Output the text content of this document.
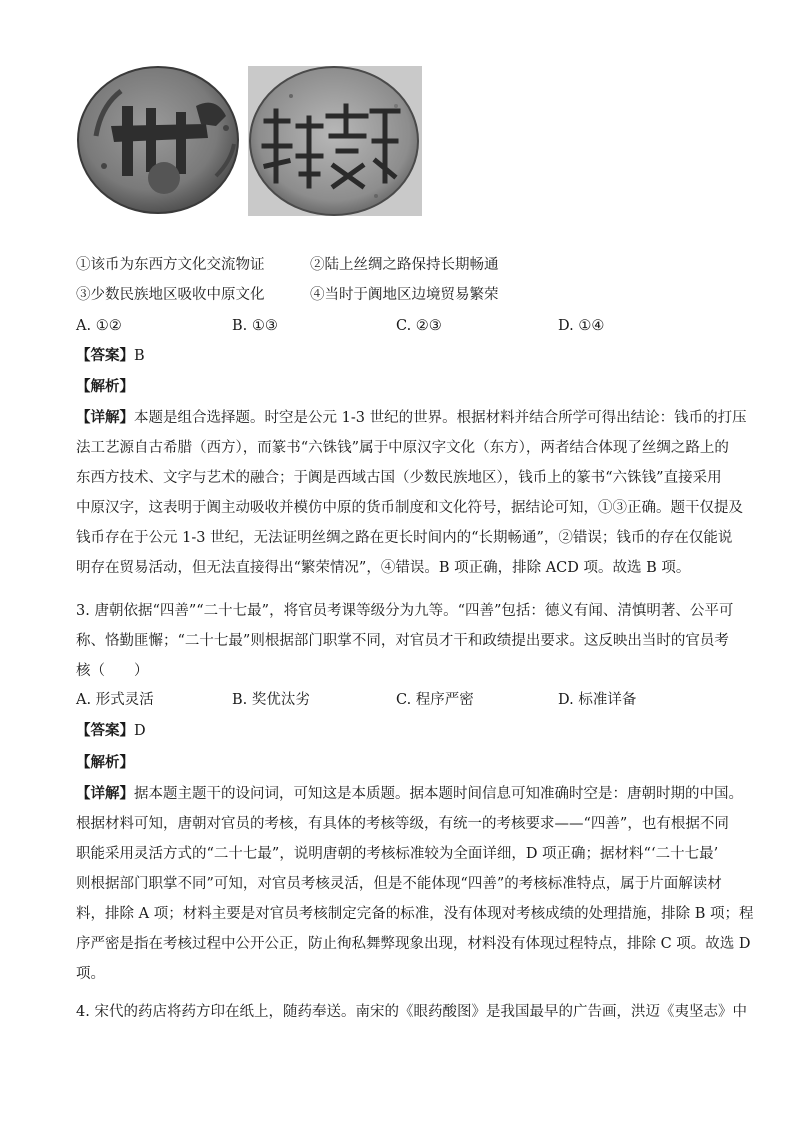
①该币为东西方文化交流物证	②陆上丝绸之路保持长期畅通
③少数民族地区吸收中原文化	④当时于阗地区边境贸易繁荣
A. ①②	B. ①③	C. ②③	D. ①④
【答案】B
【解析】
【详解】本题是组合选择题。时空是公元 1-3 世纪的世界。根据材料并结合所学可得出结论：钱币的打压
法工艺源自古希腊（西方），而篆书“六铢钱”属于中原汉字文化（东方），两者结合体现了丝绸之路上的
东西方技术、文字与艺术的融合；于阗是西域古国（少数民族地区），钱币上的篆书“六铢钱”直接采用
中原汉字，这表明于阗主动吸收并模仿中原的货币制度和文化符号，据结论可知，①③正确。题干仅提及
钱币存在于公元 1-3 世纪，无法证明丝绸之路在更长时间内的“长期畅通”，②错误；钱币的存在仅能说
明存在贸易活动，但无法直接得出“繁荣情况”，④错误。B 项正确，排除 ACD 项。故选 B 项。
3. 唐朝依据“四善”“二十七最”，将官员考课等级分为九等。“四善”包括：德义有闻、清慎明著、公平可
称、恪勤匪懈；“二十七最”则根据部门职掌不同，对官员才干和政绩提出要求。这反映出当时的官员考
核（　　）
A. 形式灵活	B. 奖优汰劣	C. 程序严密	D. 标准详备
【答案】D
【解析】
【详解】据本题主题干的设问词，可知这是本质题。据本题时间信息可知准确时空是：唐朝时期的中国。
根据材料可知，唐朝对官员的考核，有具体的考核等级，有统一的考核要求——“四善”，也有根据不同
职能采用灵活方式的“二十七最”，说明唐朝的考核标准较为全面详细，D 项正确；据材料“‘二十七最’
则根据部门职掌不同”可知，对官员考核灵活，但是不能体现“四善”的考核标准特点，属于片面解读材
料，排除 A 项；材料主要是对官员考核制定完备的标准，没有体现对考核成绩的处理措施，排除 B 项；程
序严密是指在考核过程中公开公正，防止徇私舞弊现象出现，材料没有体现过程特点，排除 C 项。故选 D
项。
4. 宋代的药店将药方印在纸上，随药奉送。南宋的《眼药酸图》是我国最早的广告画，洪迈《夷坚志》中
